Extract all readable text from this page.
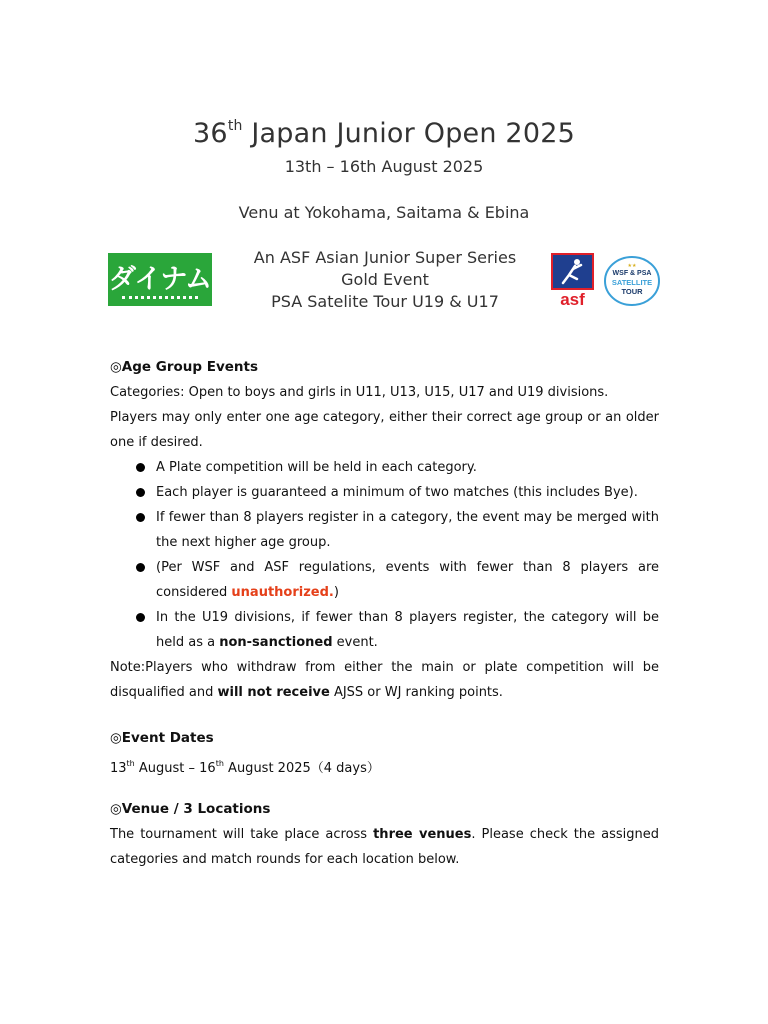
36th Japan Junior Open 2025
13th – 16th August 2025
Venu at Yokohama, Saitama & Ebina
An ASF Asian Junior Super Series
Gold Event
PSA Satelite Tour U19 & U17
ダイナム
asf
★★
WSF & PSA
SATELLITE
TOUR
◎Age Group Events
Categories: Open to boys and girls in U11, U13, U15, U17 and U19 divisions.
Players may only enter one age category, either their correct age group or an older one if desired.
A Plate competition will be held in each category.
Each player is guaranteed a minimum of two matches (this includes Bye).
If fewer than 8 players register in a category, the event may be merged with the next higher age group.
(Per WSF and ASF regulations, events with fewer than 8 players are considered unauthorized.)
In the U19 divisions, if fewer than 8 players register, the category will be held as a non-sanctioned event.
Note:Players who withdraw from either the main or plate competition will be disqualified and will not receive AJSS or WJ ranking points.
◎Event Dates
13th August – 16th August 2025（4 days）
◎Venue / 3 Locations
The tournament will take place across three venues. Please check the assigned categories and match rounds for each location below.
